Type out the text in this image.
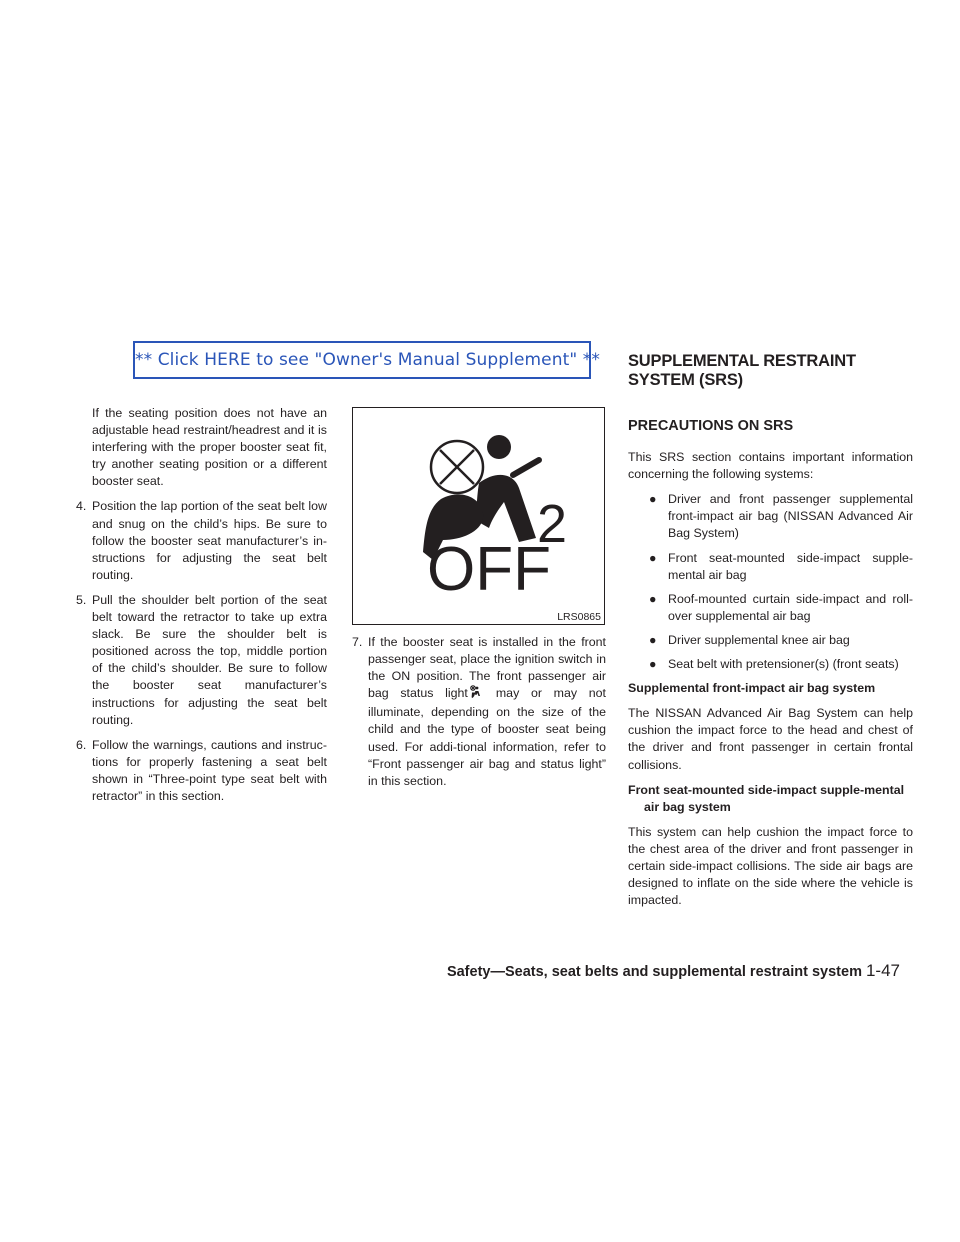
** Click HERE to see "Owner's Manual Supplement" ** SUPPLEMENTAL RESTRAINT
SYSTEM (SRS)

If the seating position does not have an adjustable head restraint/headrest and it is interfering with the proper booster seat fit, try another seating position or a different booster seat.

4. Position the lap portion of the seat belt low and snug on the child’s hips. Be sure to follow the booster seat manufacturer’s in-structions for adjusting the seat belt routing.

5. Pull the shoulder belt portion of the seat belt toward the retractor to take up extra slack. Be sure the shoulder belt is positioned across the top, middle portion of the child’s shoulder. Be sure to follow the booster seat manufacturer’s instructions for adjusting the seat belt routing.

6. Follow the warnings, cautions and instruc-tions for properly fastening a seat belt shown in “Three-point type seat belt with retractor” in this section.

2
OFF
LRS0865

7. If the booster seat is installed in the front passenger seat, place the ignition switch in the ON position. The front passenger air bag status light may or may not illuminate, depending on the size of the child and the type of booster seat being used. For addi-tional information, refer to “Front passenger air bag and status light” in this section.

PRECAUTIONS ON SRS

This SRS section contains important information concerning the following systems:

● Driver and front passenger supplemental front-impact air bag (NISSAN Advanced Air Bag System)
● Front seat-mounted side-impact supple-mental air bag
● Roof-mounted curtain side-impact and roll-over supplemental air bag
● Driver supplemental knee air bag
● Seat belt with pretensioner(s) (front seats)

Supplemental front-impact air bag system

The NISSAN Advanced Air Bag System can help cushion the impact force to the head and chest of the driver and front passenger in certain frontal collisions.

Front seat-mounted side-impact supple-mental air bag system

This system can help cushion the impact force to the chest area of the driver and front passenger in certain side-impact collisions. The side air bags are designed to inflate on the side where the vehicle is impacted.

Safety—Seats, seat belts and supplemental restraint system 1-47
